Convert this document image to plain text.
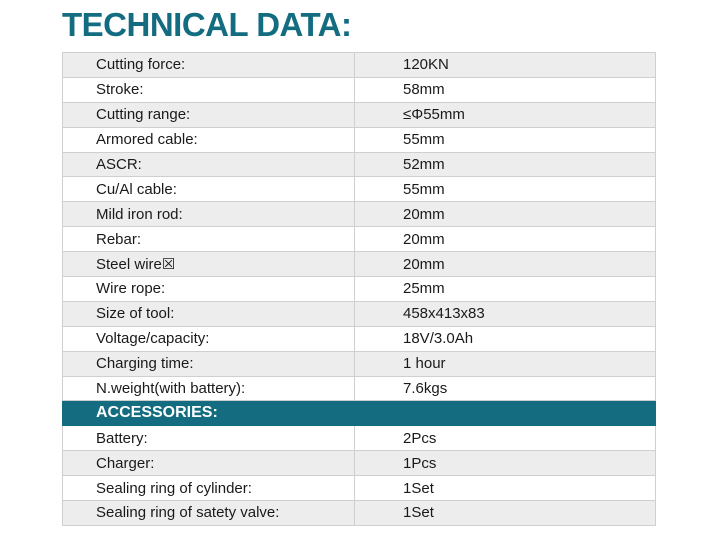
TECHNICAL DATA:
Cutting force:	120KN
Stroke:	58mm
Cutting range:	≤Φ55mm
Armored cable:	55mm
ASCR:	52mm
Cu/Al cable:	55mm
Mild iron rod:	20mm
Rebar:	20mm
Steel wire☒	20mm
Wire rope:	25mm
Size of tool:	458x413x83
Voltage/capacity:	18V/3.0Ah
Charging time:	1 hour
N.weight(with battery):	7.6kgs
ACCESSORIES:	
Battery:	2Pcs
Charger:	1Pcs
Sealing ring of cylinder:	1Set
Sealing ring of satety valve:	1Set
